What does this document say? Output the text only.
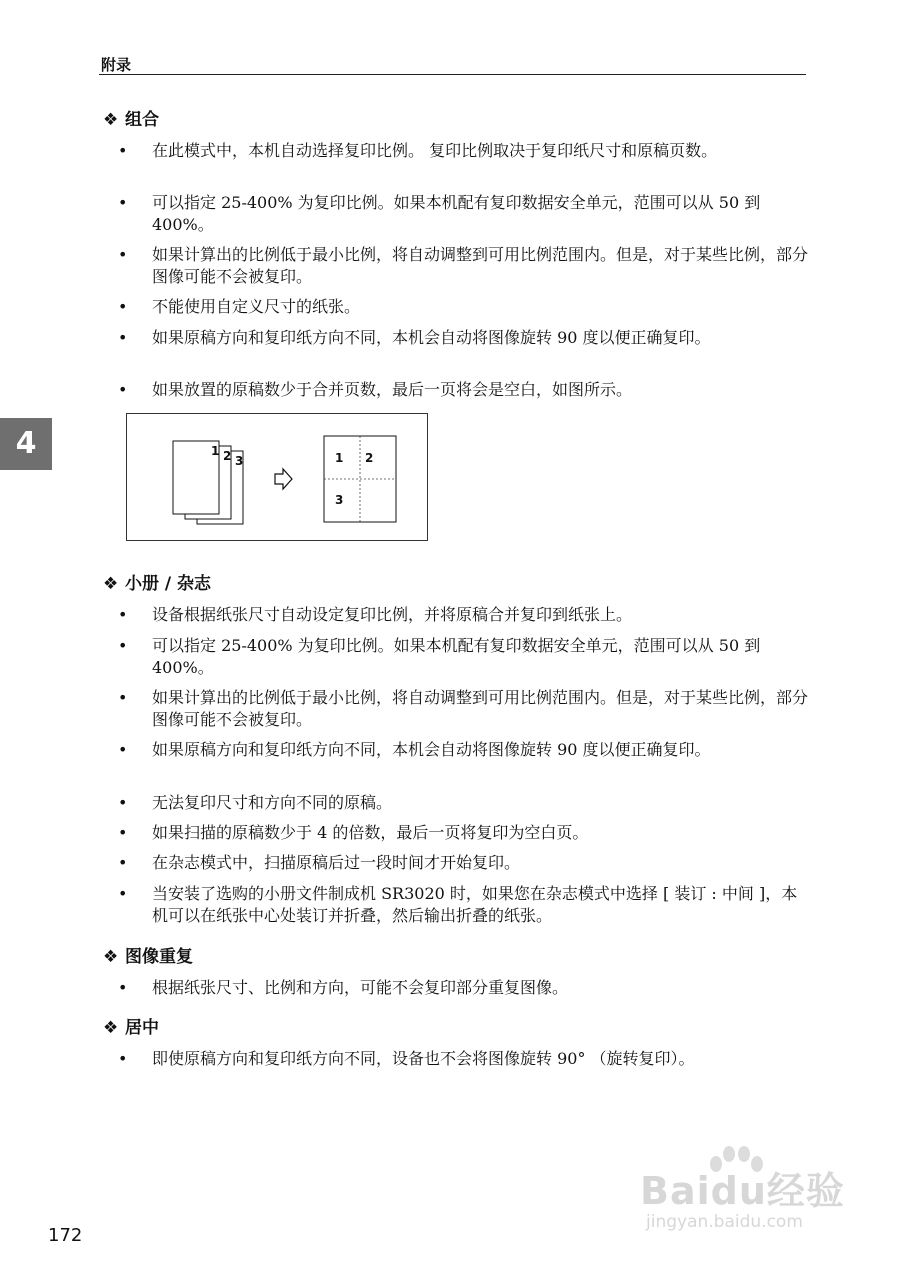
附录
4
❖ 组合
• 在此模式中，本机自动选择复印比例。 复印比例取决于复印纸尺寸和原稿页数。
• 可以指定 25-400% 为复印比例。如果本机配有复印数据安全单元，范围可以从 50 到 400%。
• 如果计算出的比例低于最小比例，将自动调整到可用比例范围内。但是，对于某些比例，部分图像可能不会被复印。
• 不能使用自定义尺寸的纸张。
• 如果原稿方向和复印纸方向不同，本机会自动将图像旋转 90 度以便正确复印。
• 如果放置的原稿数少于合并页数，最后一页将会是空白，如图所示。
1 2 3	1 2
3
❖ 小册 / 杂志
• 设备根据纸张尺寸自动设定复印比例，并将原稿合并复印到纸张上。
• 可以指定 25-400% 为复印比例。如果本机配有复印数据安全单元，范围可以从 50 到 400%。
• 如果计算出的比例低于最小比例，将自动调整到可用比例范围内。但是，对于某些比例，部分图像可能不会被复印。
• 如果原稿方向和复印纸方向不同，本机会自动将图像旋转 90 度以便正确复印。
• 无法复印尺寸和方向不同的原稿。
• 如果扫描的原稿数少于 4 的倍数，最后一页将复印为空白页。
• 在杂志模式中，扫描原稿后过一段时间才开始复印。
• 当安装了选购的小册文件制成机 SR3020 时，如果您在杂志模式中选择 [ 装订 : 中间 ]，本机可以在纸张中心处装订并折叠，然后输出折叠的纸张。
❖ 图像重复
• 根据纸张尺寸、比例和方向，可能不会复印部分重复图像。
❖ 居中
• 即使原稿方向和复印纸方向不同，设备也不会将图像旋转 90° （旋转复印）。
172
Baidu经验
jingyan.baidu.com
